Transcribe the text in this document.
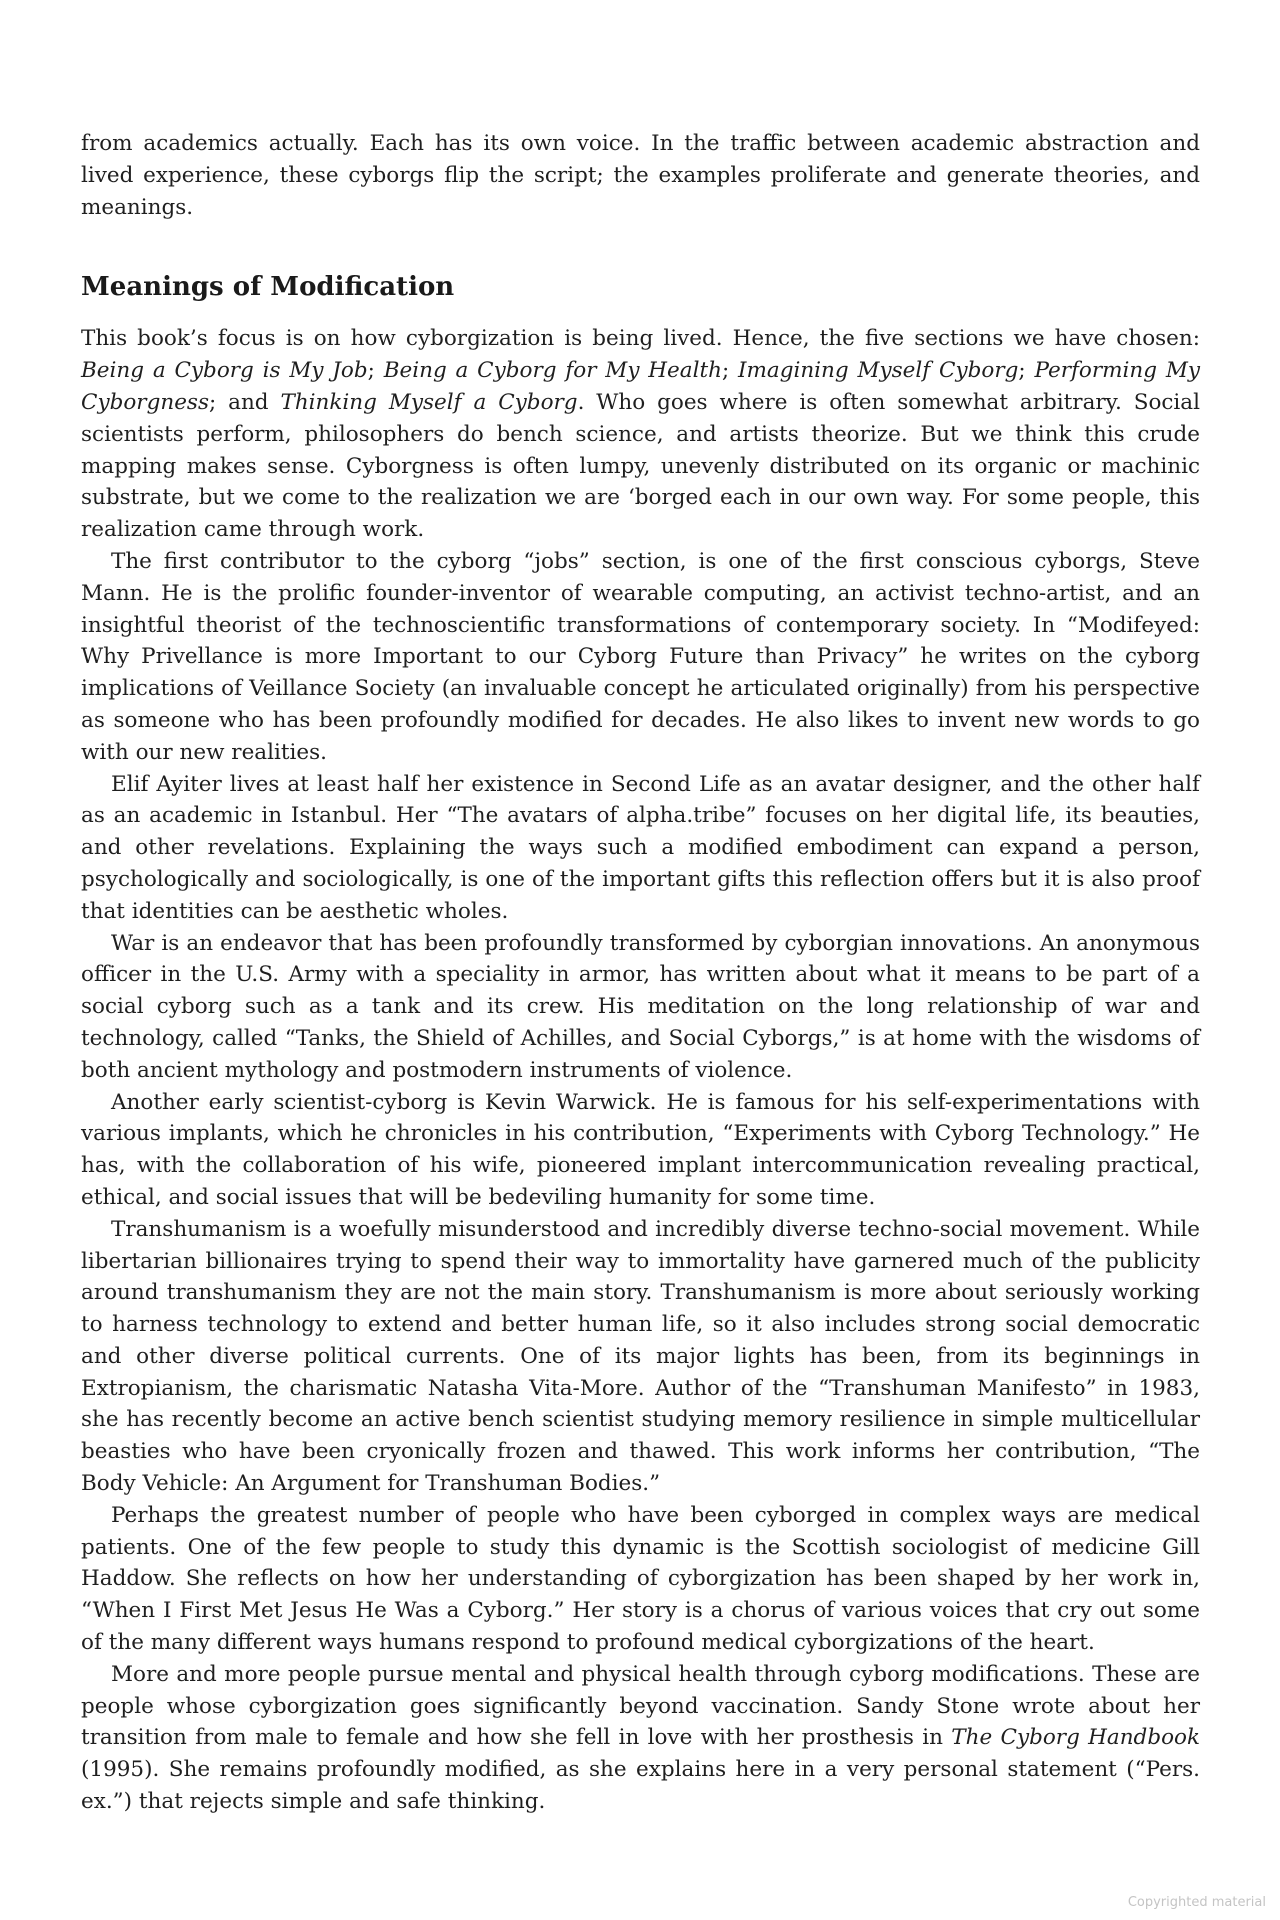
from academics actually. Each has its own voice. In the traffic between academic abstraction and lived experience, these cyborgs flip the script; the examples proliferate and generate theories, and meanings.

Meanings of Modification

This book’s focus is on how cyborgization is being lived. Hence, the five sections we have chosen: Being a Cyborg is My Job; Being a Cyborg for My Health; Imagining Myself Cyborg; Performing My Cyborgness; and Thinking Myself a Cyborg. Who goes where is often somewhat arbitrary. Social scientists perform, philosophers do bench science, and artists theorize. But we think this crude mapping makes sense. Cyborgness is often lumpy, unevenly distributed on its organic or machinic substrate, but we come to the realization we are ‘borged each in our own way. For some people, this realization came through work.

The first contributor to the cyborg “jobs” section, is one of the first conscious cyborgs, Steve Mann. He is the prolific founder-inventor of wearable computing, an activist techno-artist, and an insightful theorist of the technoscientific transformations of contemporary society. In “Modifeyed: Why Privellance is more Important to our Cyborg Future than Privacy” he writes on the cyborg implications of Veillance Society (an invaluable concept he articulated originally) from his perspective as someone who has been profoundly modified for decades. He also likes to invent new words to go with our new realities.

Elif Ayiter lives at least half her existence in Second Life as an avatar designer, and the other half as an academic in Istanbul. Her “The avatars of alpha.tribe” focuses on her digital life, its beauties, and other revelations. Explaining the ways such a modified embodiment can expand a person, psychologically and sociologically, is one of the important gifts this reflection offers but it is also proof that identities can be aesthetic wholes.

War is an endeavor that has been profoundly transformed by cyborgian innovations. An anonymous officer in the U.S. Army with a speciality in armor, has written about what it means to be part of a social cyborg such as a tank and its crew. His meditation on the long relationship of war and technology, called “Tanks, the Shield of Achilles, and Social Cyborgs,” is at home with the wisdoms of both ancient mythology and postmodern instruments of violence.

Another early scientist-cyborg is Kevin Warwick. He is famous for his self-experimentations with various implants, which he chronicles in his contribution, “Experiments with Cyborg Technology.” He has, with the collaboration of his wife, pioneered implant intercommunication revealing practical, ethical, and social issues that will be bedeviling humanity for some time.

Transhumanism is a woefully misunderstood and incredibly diverse techno-social movement. While libertarian billionaires trying to spend their way to immortality have garnered much of the publicity around transhumanism they are not the main story. Transhumanism is more about seriously working to harness technology to extend and better human life, so it also includes strong social democratic and other diverse political currents. One of its major lights has been, from its beginnings in Extropianism, the charismatic Natasha Vita-More. Author of the “Transhuman Manifesto” in 1983, she has recently become an active bench scientist studying memory resilience in simple multicellular beasties who have been cryonically frozen and thawed. This work informs her contribution, “The Body Vehicle: An Argument for Transhuman Bodies.”

Perhaps the greatest number of people who have been cyborged in complex ways are medical patients. One of the few people to study this dynamic is the Scottish sociologist of medicine Gill Haddow. She reflects on how her understanding of cyborgization has been shaped by her work in, “When I First Met Jesus He Was a Cyborg.” Her story is a chorus of various voices that cry out some of the many different ways humans respond to profound medical cyborgizations of the heart.

More and more people pursue mental and physical health through cyborg modifications. These are people whose cyborgization goes significantly beyond vaccination. Sandy Stone wrote about her transition from male to female and how she fell in love with her prosthesis in The Cyborg Handbook (1995). She remains profoundly modified, as she explains here in a very personal statement (“Pers. ex.”) that rejects simple and safe thinking.

Copyrighted material
